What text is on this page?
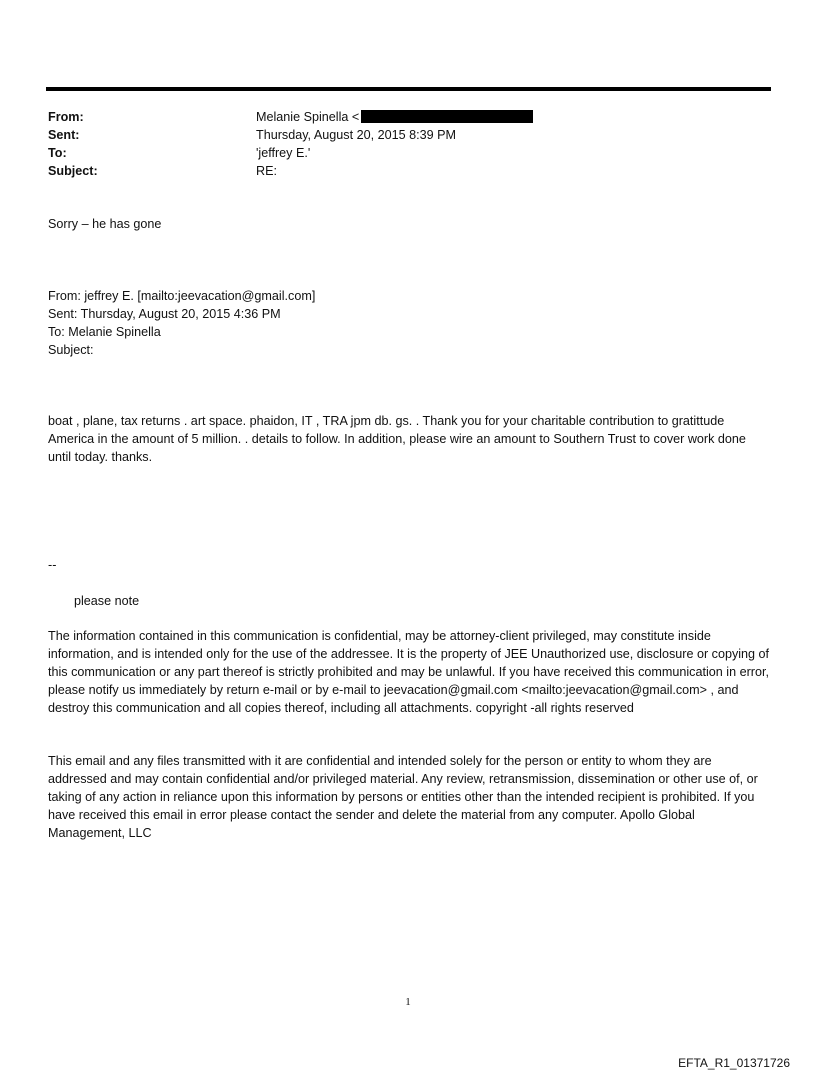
From:	Melanie Spinella <
Sent:	Thursday, August 20, 2015 8:39 PM
To:	'jeffrey E.'
Subject:	RE:
Sorry – he has gone
From: jeffrey E. [mailto:jeevacation@gmail.com]
Sent: Thursday, August 20, 2015 4:36 PM
To: Melanie Spinella
Subject:
boat , plane, tax returns . art space. phaidon, IT , TRA jpm db. gs. . Thank you for your charitable contribution to gratittude America in the amount of 5 million. . details to follow. In addition, please wire an amount to Southern Trust to cover work done until today. thanks.
--
please note
The information contained in this communication is confidential, may be attorney-client privileged, may constitute inside information, and is intended only for the use of the addressee. It is the property of JEE Unauthorized use, disclosure or copying of this communication or any part thereof is strictly prohibited and may be unlawful. If you have received this communication in error, please notify us immediately by return e-mail or by e-mail to jeevacation@gmail.com <mailto:jeevacation@gmail.com> , and destroy this communication and all copies thereof, including all attachments. copyright -all rights reserved
This email and any files transmitted with it are confidential and intended solely for the person or entity to whom they are addressed and may contain confidential and/or privileged material. Any review, retransmission, dissemination or other use of, or taking of any action in reliance upon this information by persons or entities other than the intended recipient is prohibited. If you have received this email in error please contact the sender and delete the material from any computer. Apollo Global Management, LLC
1
EFTA_R1_01371726
